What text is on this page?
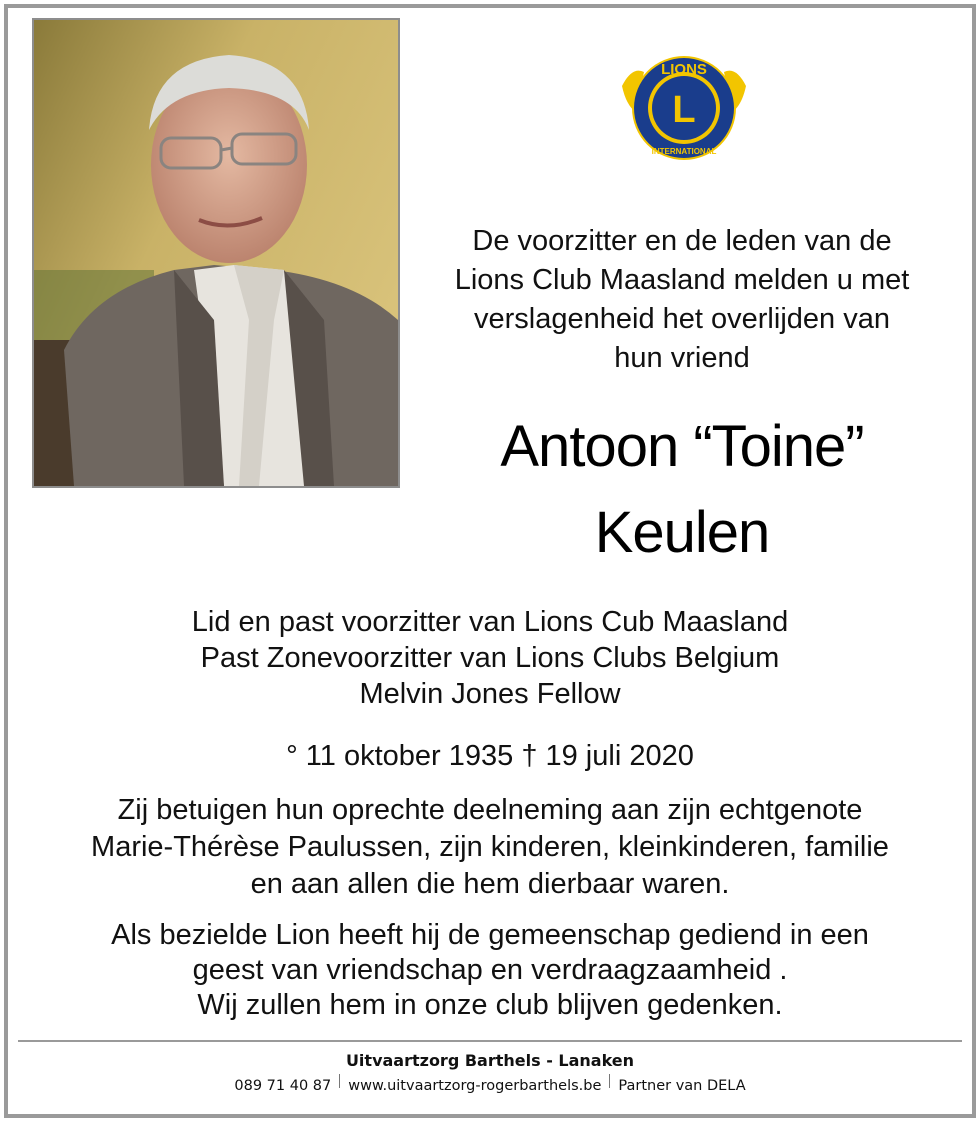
LIONS
L
INTERNATIONAL
De voorzitter en de leden van de
Lions Club Maasland melden u met
verslagenheid het overlijden van
hun vriend
Antoon “Toine”
Keulen
Lid en past voorzitter van Lions Cub Maasland
Past Zonevoorzitter van Lions Clubs Belgium
Melvin Jones Fellow
° 11 oktober 1935 † 19 juli 2020
Zij betuigen hun oprechte deelneming aan zijn echtgenote
Marie-Thérèse Paulussen, zijn kinderen, kleinkinderen, familie
en aan allen die hem dierbaar waren.
Als bezielde Lion heeft hij de gemeenschap gediend in een
geest van vriendschap en verdraagzaamheid .
Wij zullen hem in onze club blijven gedenken.
Uitvaartzorg Barthels - Lanaken
089 71 40 87 www.uitvaartzorg-rogerbarthels.be Partner van DELA
